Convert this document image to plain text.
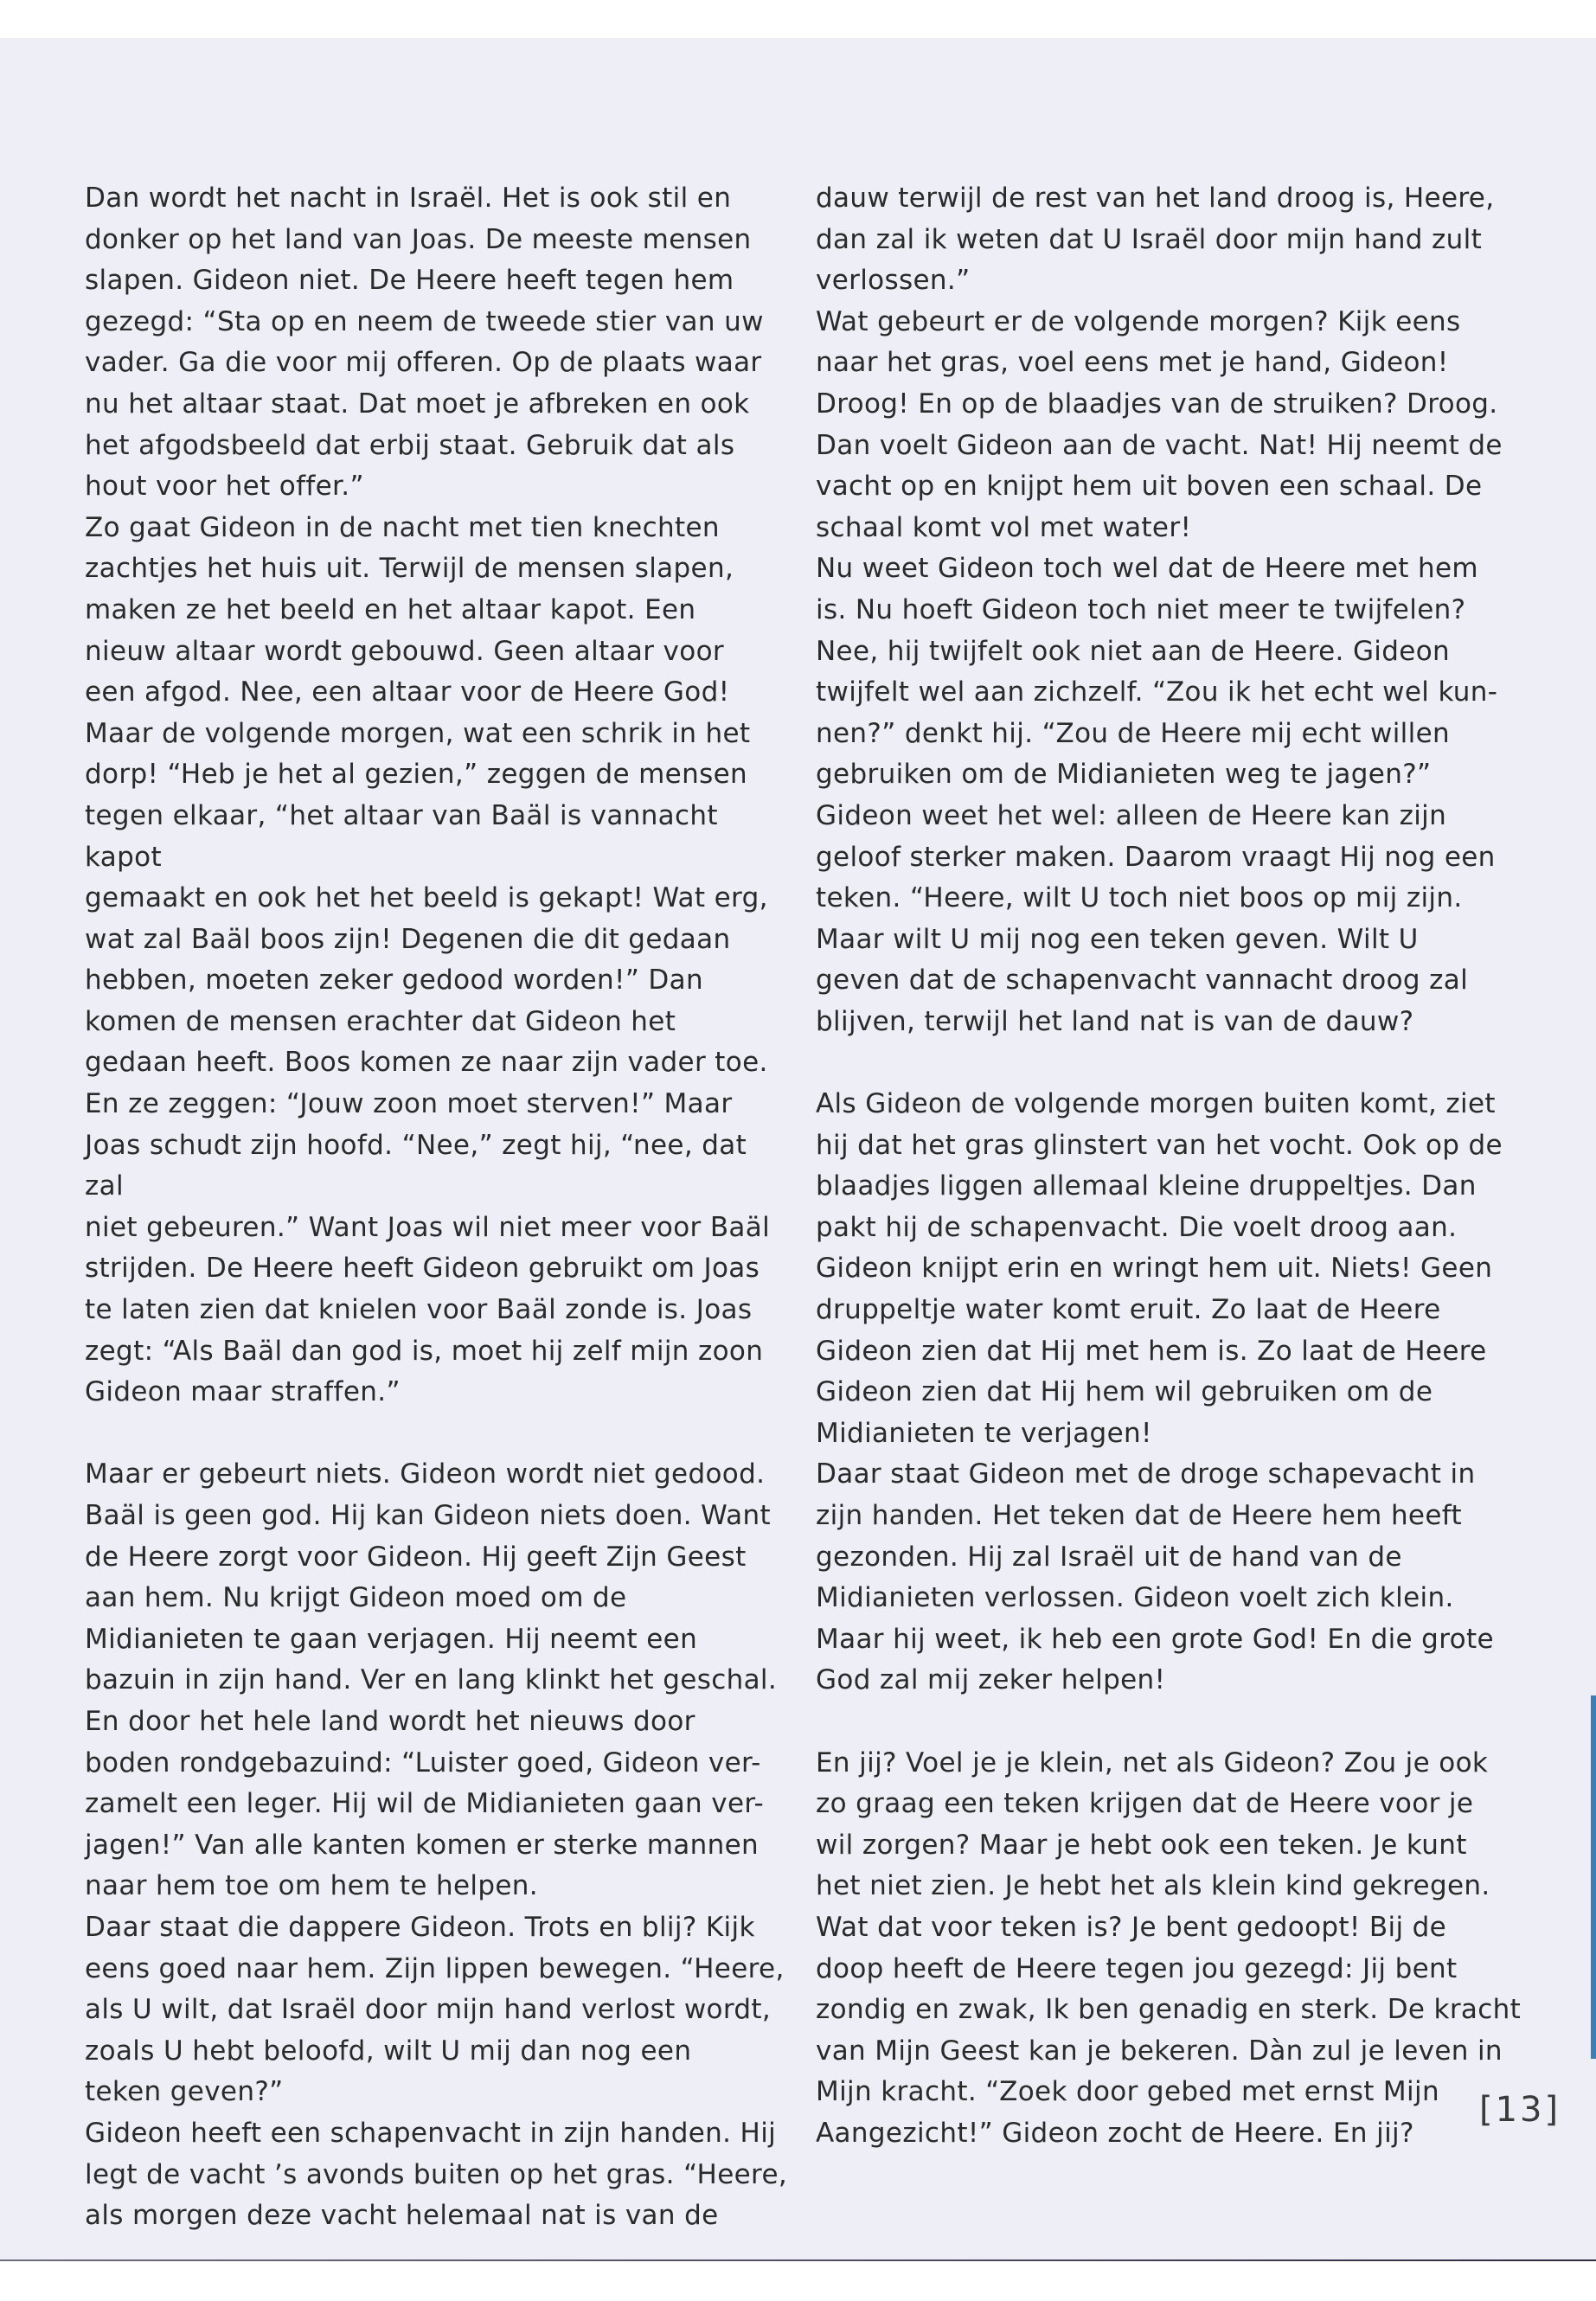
Dan wordt het nacht in Israël. Het is ook stil en
donker op het land van Joas. De meeste mensen
slapen. Gideon niet. De Heere heeft tegen hem
gezegd: “Sta op en neem de tweede stier van uw
vader. Ga die voor mij offeren. Op de plaats waar
nu het altaar staat. Dat moet je afbreken en ook
het afgodsbeeld dat erbij staat. Gebruik dat als
hout voor het offer.”

Zo gaat Gideon in de nacht met tien knechten
zachtjes het huis uit. Terwijl de mensen slapen,
maken ze het beeld en het altaar kapot. Een
nieuw altaar wordt gebouwd. Geen altaar voor
een afgod. Nee, een altaar voor de Heere God!

Maar de volgende morgen, wat een schrik in het
dorp! “Heb je het al gezien,” zeggen de mensen
tegen elkaar, “het altaar van Baäl is vannacht kapot
gemaakt en ook het het beeld is gekapt! Wat erg,
wat zal Baäl boos zijn! Degenen die dit gedaan
hebben, moeten zeker gedood worden!” Dan
komen de mensen erachter dat Gideon het
gedaan heeft. Boos komen ze naar zijn vader toe.
En ze zeggen: “Jouw zoon moet sterven!” Maar
Joas schudt zijn hoofd. “Nee,” zegt hij, “nee, dat zal
niet gebeuren.” Want Joas wil niet meer voor Baäl
strijden. De Heere heeft Gideon gebruikt om Joas
te laten zien dat knielen voor Baäl zonde is. Joas
zegt: “Als Baäl dan god is, moet hij zelf mijn zoon
Gideon maar straffen.”

Maar er gebeurt niets. Gideon wordt niet gedood.
Baäl is geen god. Hij kan Gideon niets doen. Want
de Heere zorgt voor Gideon. Hij geeft Zijn Geest
aan hem. Nu krijgt Gideon moed om de
Midianieten te gaan verjagen. Hij neemt een
bazuin in zijn hand. Ver en lang klinkt het geschal.
En door het hele land wordt het nieuws door
boden rondgebazuind: “Luister goed, Gideon ver-
zamelt een leger. Hij wil de Midianieten gaan ver-
jagen!” Van alle kanten komen er sterke mannen
naar hem toe om hem te helpen.

Daar staat die dappere Gideon. Trots en blij? Kijk
eens goed naar hem. Zijn lippen bewegen. “Heere,
als U wilt, dat Israël door mijn hand verlost wordt,
zoals U hebt beloofd, wilt U mij dan nog een
teken geven?”

Gideon heeft een schapenvacht in zijn handen. Hij
legt de vacht ’s avonds buiten op het gras. “Heere,
als morgen deze vacht helemaal nat is van de

dauw terwijl de rest van het land droog is, Heere,
dan zal ik weten dat U Israël door mijn hand zult
verlossen.”

Wat gebeurt er de volgende morgen? Kijk eens
naar het gras, voel eens met je hand, Gideon!
Droog! En op de blaadjes van de struiken? Droog.
Dan voelt Gideon aan de vacht. Nat! Hij neemt de
vacht op en knijpt hem uit boven een schaal. De
schaal komt vol met water!

Nu weet Gideon toch wel dat de Heere met hem
is. Nu hoeft Gideon toch niet meer te twijfelen?
Nee, hij twijfelt ook niet aan de Heere. Gideon
twijfelt wel aan zichzelf. “Zou ik het echt wel kun-
nen?” denkt hij. “Zou de Heere mij echt willen
gebruiken om de Midianieten weg te jagen?”
Gideon weet het wel: alleen de Heere kan zijn
geloof sterker maken. Daarom vraagt Hij nog een
teken. “Heere, wilt U toch niet boos op mij zijn.
Maar wilt U mij nog een teken geven. Wilt U
geven dat de schapenvacht vannacht droog zal
blijven, terwijl het land nat is van de dauw?

Als Gideon de volgende morgen buiten komt, ziet
hij dat het gras glinstert van het vocht. Ook op de
blaadjes liggen allemaal kleine druppeltjes. Dan
pakt hij de schapenvacht. Die voelt droog aan.
Gideon knijpt erin en wringt hem uit. Niets! Geen
druppeltje water komt eruit. Zo laat de Heere
Gideon zien dat Hij met hem is. Zo laat de Heere
Gideon zien dat Hij hem wil gebruiken om de
Midianieten te verjagen!

Daar staat Gideon met de droge schapevacht in
zijn handen. Het teken dat de Heere hem heeft
gezonden. Hij zal Israël uit de hand van de
Midianieten verlossen. Gideon voelt zich klein.
Maar hij weet, ik heb een grote God! En die grote
God zal mij zeker helpen!

En jij? Voel je je klein, net als Gideon? Zou je ook
zo graag een teken krijgen dat de Heere voor je
wil zorgen? Maar je hebt ook een teken. Je kunt
het niet zien. Je hebt het als klein kind gekregen.
Wat dat voor teken is? Je bent gedoopt! Bij de
doop heeft de Heere tegen jou gezegd: Jij bent
zondig en zwak, Ik ben genadig en sterk. De kracht
van Mijn Geest kan je bekeren. Dàn zul je leven in
Mijn kracht. “Zoek door gebed met ernst Mijn
Aangezicht!” Gideon zocht de Heere. En jij?

[13]
